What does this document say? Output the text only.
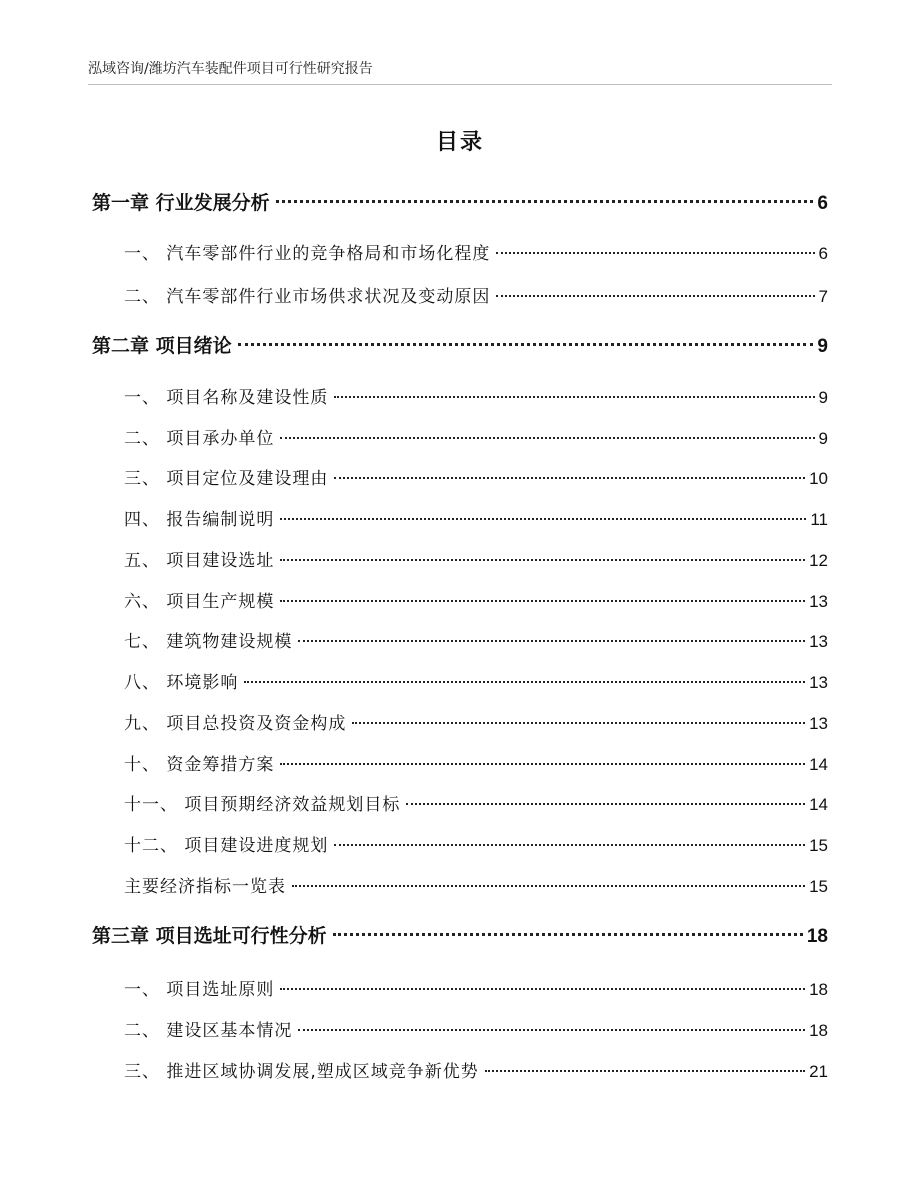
泓域咨询/潍坊汽车装配件项目可行性研究报告
目录
第一章 行业发展分析	6
一、 汽车零部件行业的竞争格局和市场化程度	6
二、 汽车零部件行业市场供求状况及变动原因	7
第二章 项目绪论	9
一、 项目名称及建设性质	9
二、 项目承办单位	9
三、 项目定位及建设理由	10
四、 报告编制说明	11
五、 项目建设选址	12
六、 项目生产规模	13
七、 建筑物建设规模	13
八、 环境影响	13
九、 项目总投资及资金构成	13
十、 资金筹措方案	14
十一、 项目预期经济效益规划目标	14
十二、 项目建设进度规划	15
主要经济指标一览表	15
第三章 项目选址可行性分析	18
一、 项目选址原则	18
二、 建设区基本情况	18
三、 推进区域协调发展,塑成区域竞争新优势	21
